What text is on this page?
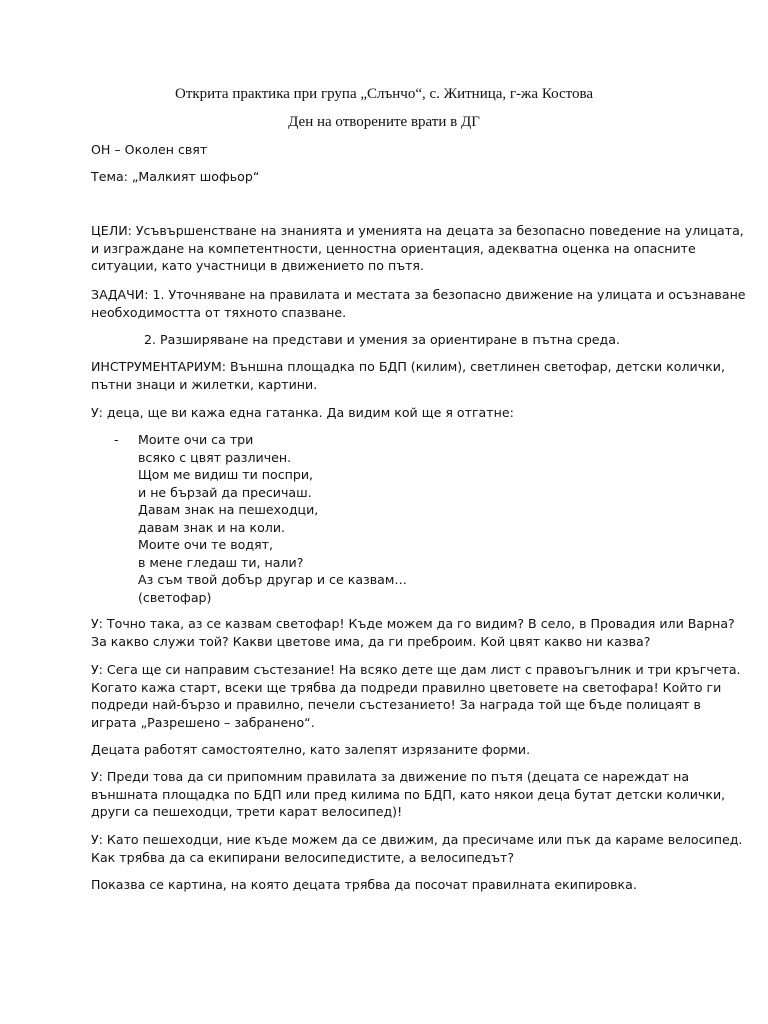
Открита практика при група „Слънчо“, с. Житница, г-жа Костова
Ден на отворените врати в ДГ

ОН – Околен свят

Тема: „Малкият шофьор“

ЦЕЛИ: Усъвършенстване на знанията и уменията на децата за безопасно поведение на улицата,
и изграждане на компетентности, ценностна ориентация, адекватна оценка на опасните
ситуации, като участници в движението по пътя.

ЗАДАЧИ: 1. Уточняване на правилата и местата за безопасно движение на улицата и осъзнаване
необходимостта от тяхното спазване.

2. Разширяване на представи и умения за ориентиране в пътна среда.

ИНСТРУМЕНТАРИУМ: Външна площадка по БДП (килим), светлинен светофар, детски колички,
пътни знаци и жилетки, картини.

У: деца, ще ви кажа една гатанка. Да видим кой ще я отгатне:

- Моите очи са три
всяко с цвят различен.
Щом ме видиш ти поспри,
и не бързай да пресичаш.
Давам знак на пешеходци,
давам знак и на коли.
Моите очи те водят,
в мене гледаш ти, нали?
Аз съм твой добър другар и се казвам…
(светофар)

У: Точно така, аз се казвам светофар! Къде можем да го видим? В село, в Провадия или Варна?
За какво служи той? Какви цветове има, да ги преброим. Кой цвят какво ни казва?

У: Сега ще си направим състезание! На всяко дете ще дам лист с правоъгълник и три кръгчета.
Когато кажа старт, всеки ще трябва да подреди правилно цветовете на светофара! Който ги
подреди най-бързо и правилно, печели състезанието! За награда той ще бъде полицаят в
играта „Разрешено – забранено“.

Децата работят самостоятелно, като залепят изрязаните форми.

У: Преди това да си припомним правилата за движение по пътя (децата се нареждат на
външната площадка по БДП или пред килима по БДП, като някои деца бутат детски колички,
други са пешеходци, трети карат велосипед)!

У: Като пешеходци, ние къде можем да се движим, да пресичаме или пък да караме велосипед.
Как трябва да са екипирани велосипедистите, а велосипедът?

Показва се картина, на която децата трябва да посочат правилната екипировка.
